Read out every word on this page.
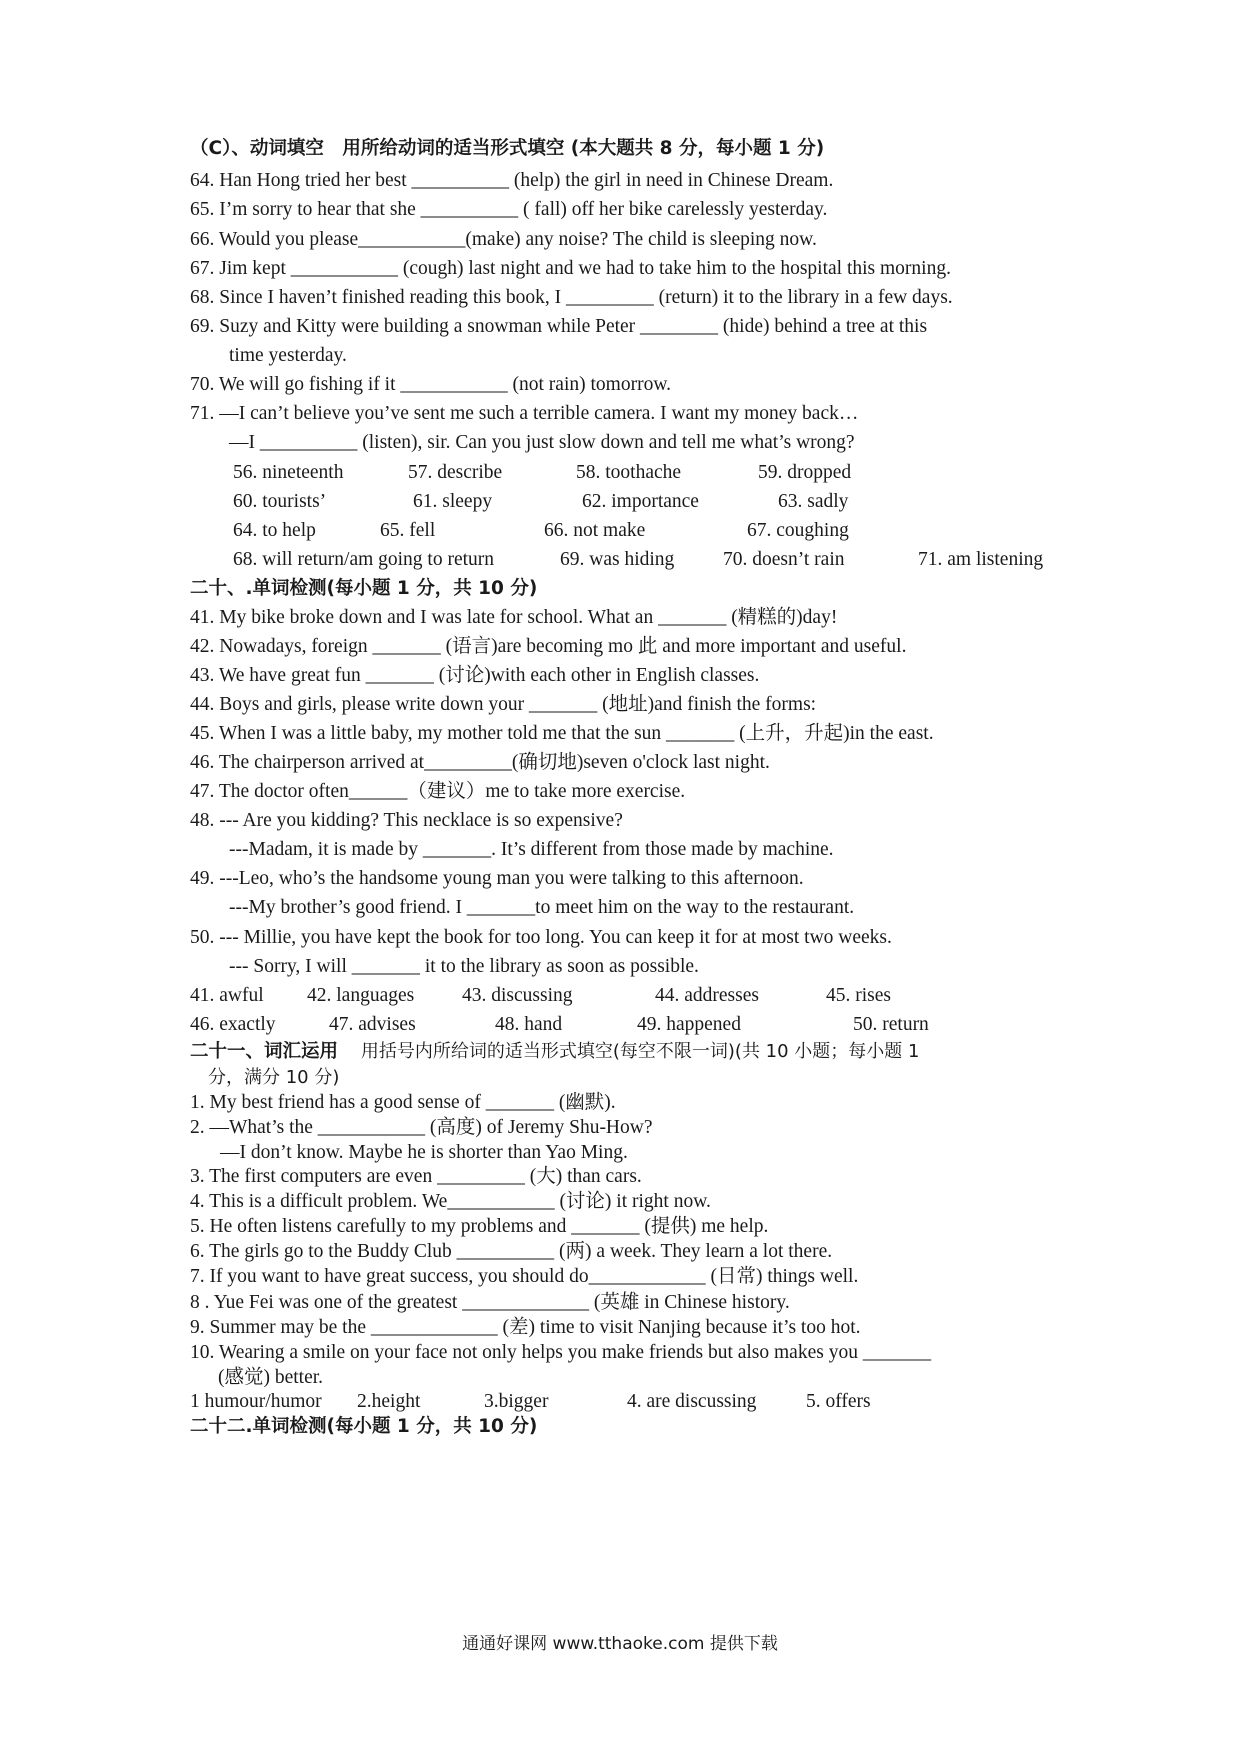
（C）、动词填空　用所给动词的适当形式填空 (本大题共 8 分，每小题 1 分)
64. Han Hong tried her best __________ (help) the girl in need in Chinese Dream.
65. I’m sorry to hear that she __________ ( fall) off her bike carelessly yesterday.
66. Would you please___________(make) any noise? The child is sleeping now.
67. Jim kept ___________ (cough) last night and we had to take him to the hospital this morning.
68. Since I haven’t finished reading this book, I _________ (return) it to the library in a few days.
69. Suzy and Kitty were building a snowman while Peter ________ (hide) behind a tree at this
time yesterday.
70. We will go fishing if it ___________ (not rain) tomorrow.
71. —I can’t believe you’ve sent me such a terrible camera. I want my money back…
—I __________ (listen), sir. Can you just slow down and tell me what’s wrong?
56. nineteenth	57. describe	58. toothache	59. dropped
60. tourists’	61. sleepy	62. importance	63. sadly
64. to help	65. fell	66. not make	67. coughing
68. will return/am going to return	69. was hiding 70. doesn’t rain	71. am listening
二十、.单词检测(每小题 1 分，共 10 分)
41. My bike broke down and I was late for school. What an _______ (精糕的)day!
42. Nowadays, foreign _______ (语言)are becoming mo 此 and more important and useful.
43. We have great fun _______ (讨论)with each other in English classes.
44. Boys and girls, please write down your _______ (地址)and finish the forms:
45. When I was a little baby, my mother told me that the sun _______ (上升，升起)in the east.
46. The chairperson arrived at_________(确切地)seven o'clock last night.
47. The doctor often______（建议）me to take more exercise.
48. --- Are you kidding? This necklace is so expensive?
---Madam, it is made by _______. It’s different from those made by machine.
49. ---Leo, who’s the handsome young man you were talking to this afternoon.
---My brother’s good friend. I _______to meet him on the way to the restaurant.
50. --- Millie, you have kept the book for too long. You can keep it for at most two weeks.
--- Sorry, I will _______ it to the library as soon as possible.
41. awful 42. languages 43. discussing	44. addresses	45. rises
46. exactly	47. advises	48. hand	49. happened	50. return
二十一、词汇运用 用括号内所给词的适当形式填空(每空不限一词)(共 10 小题；每小题 1
分，满分 10 分)
1. My best friend has a good sense of _______ (幽默).
2. —What’s the ___________ (高度) of Jeremy Shu-How?
—I don’t know. Maybe he is shorter than Yao Ming.
3. The first computers are even _________ (大) than cars.
4. This is a difficult problem. We___________ (讨论) it right now.
5. He often listens carefully to my problems and _______ (提供) me help.
6. The girls go to the Buddy Club __________ (两) a week. They learn a lot there.
7. If you want to have great success, you should do____________ (日常) things well.
8 . Yue Fei was one of the greatest _____________ (英雄 in Chinese history.
9. Summer may be the _____________ (差) time to visit Nanjing because it’s too hot.
10. Wearing a smile on your face not only helps you make friends but also makes you _______
(感觉) better.
1 humour/humor 2.height	3.bigger	4. are discussing	5. offers
二十二.单词检测(每小题 1 分，共 10 分)
通通好课网 www.tthaoke.com 提供下载
